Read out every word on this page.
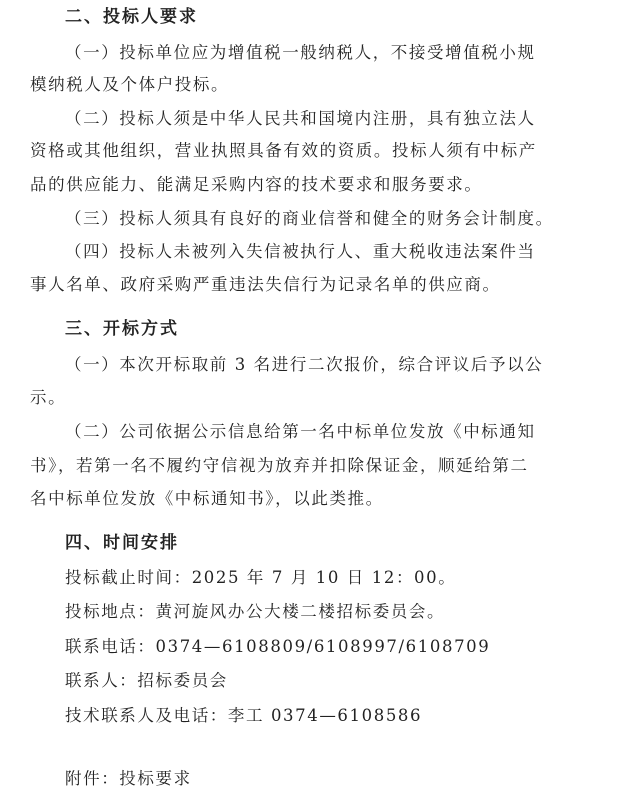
二、投标人要求
（一）投标单位应为增值税一般纳税人，不接受增值税小规
模纳税人及个体户投标。
（二）投标人须是中华人民共和国境内注册，具有独立法人
资格或其他组织，营业执照具备有效的资质。投标人须有中标产
品的供应能力、能满足采购内容的技术要求和服务要求。
（三）投标人须具有良好的商业信誉和健全的财务会计制度。
（四）投标人未被列入失信被执行人、重大税收违法案件当
事人名单、政府采购严重违法失信行为记录名单的供应商。
三、开标方式
（一）本次开标取前 3 名进行二次报价，综合评议后予以公
示。
（二）公司依据公示信息给第一名中标单位发放《中标通知
书》，若第一名不履约守信视为放弃并扣除保证金，顺延给第二
名中标单位发放《中标通知书》，以此类推。
四、时间安排
投标截止时间：2025 年 7 月 10 日 12：00。
投标地点：黄河旋风办公大楼二楼招标委员会。
联系电话：0374—6108809/6108997/6108709
联系人：招标委员会
技术联系人及电话：李工 0374—6108586
附件：投标要求
